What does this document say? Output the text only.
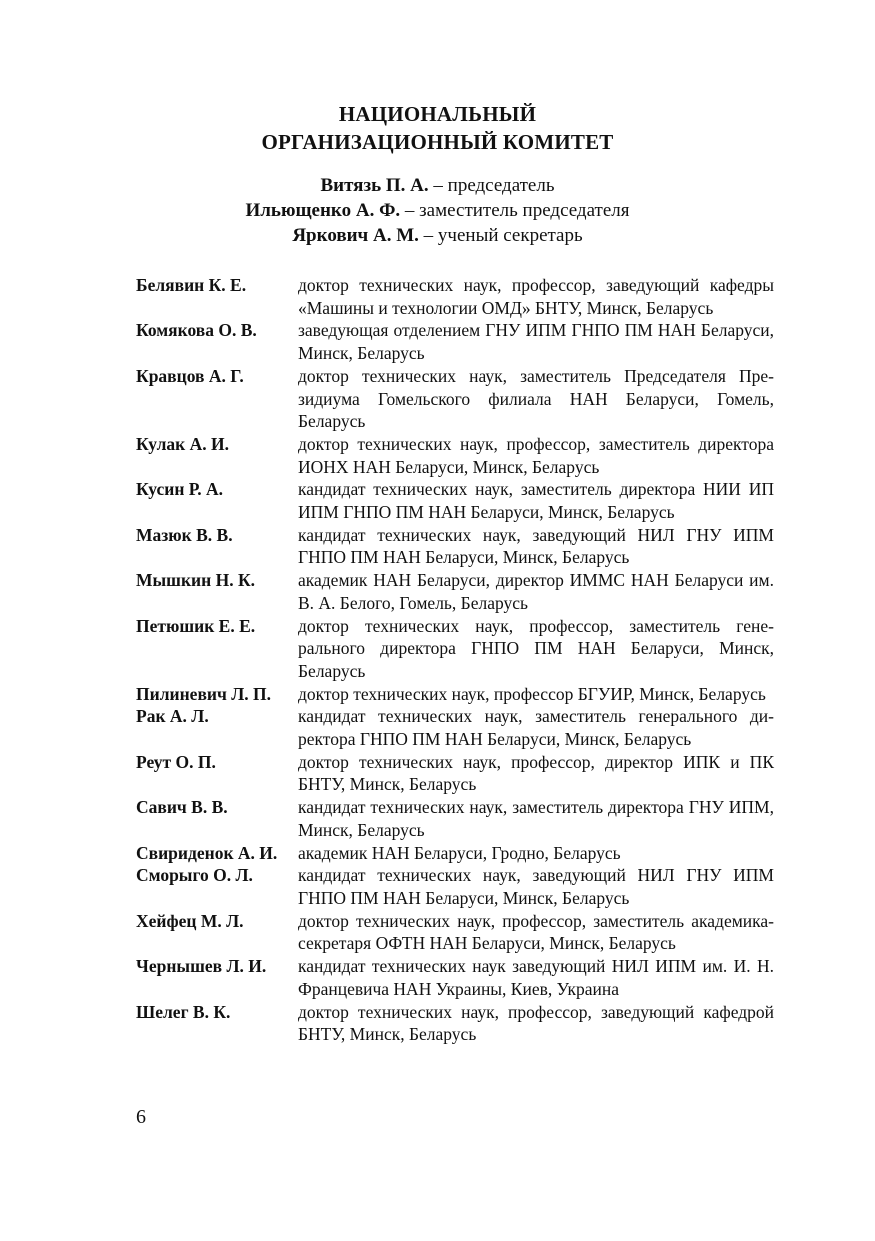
НАЦИОНАЛЬНЫЙ
ОРГАНИЗАЦИОННЫЙ КОМИТЕТ
Витязь П. А. – председатель
Ильющенко А. Ф. – заместитель председателя
Яркович А. М. – ученый секретарь
Белявин К. Е.	доктор технических наук, профессор, заведующий кафедры «Машины и технологии ОМД» БНТУ, Минск, Беларусь
Комякова О. В.	заведующая отделением ГНУ ИПМ ГНПО ПМ НАН Беларуси, Минск, Беларусь
Кравцов А. Г.	доктор технических наук, заместитель Председателя Президиума Гомельского филиала НАН Беларуси, Гомель, Беларусь
Кулак А. И.	доктор технических наук, профессор, заместитель директора ИОНХ НАН Беларуси, Минск, Беларусь
Кусин Р. А.	кандидат технических наук, заместитель директора НИИ ИП ИПМ ГНПО ПМ НАН Беларуси, Минск, Беларусь
Мазюк В. В.	кандидат технических наук, заведующий НИЛ ГНУ ИПМ ГНПО ПМ НАН Беларуси, Минск, Беларусь
Мышкин Н. К.	академик НАН Беларуси, директор ИММС НАН Беларуси им. В. А. Белого, Гомель, Беларусь
Петюшик Е. Е.	доктор технических наук, профессор, заместитель генерального директора ГНПО ПМ НАН Беларуси, Минск, Беларусь
Пилиневич Л. П.	доктор технических наук, профессор БГУИР, Минск, Беларусь
Рак А. Л.	кандидат технических наук, заместитель генерального директора ГНПО ПМ НАН Беларуси, Минск, Беларусь
Реут О. П.	доктор технических наук, профессор, директор ИПК и ПК БНТУ, Минск, Беларусь
Савич В. В.	кандидат технических наук, заместитель директора ГНУ ИПМ, Минск, Беларусь
Свириденок А. И.	академик НАН Беларуси, Гродно, Беларусь
Сморыго О. Л.	кандидат технических наук, заведующий НИЛ ГНУ ИПМ ГНПО ПМ НАН Беларуси, Минск, Беларусь
Хейфец М. Л.	доктор технических наук, профессор, заместитель академика-секретаря ОФТН НАН Беларуси, Минск, Беларусь
Чернышев Л. И.	кандидат технических наук заведующий НИЛ ИПМ им. И. Н. Францевича НАН Украины, Киев, Украина
Шелег В. К.	доктор технических наук, профессор, заведующий кафедрой БНТУ, Минск, Беларусь
6
